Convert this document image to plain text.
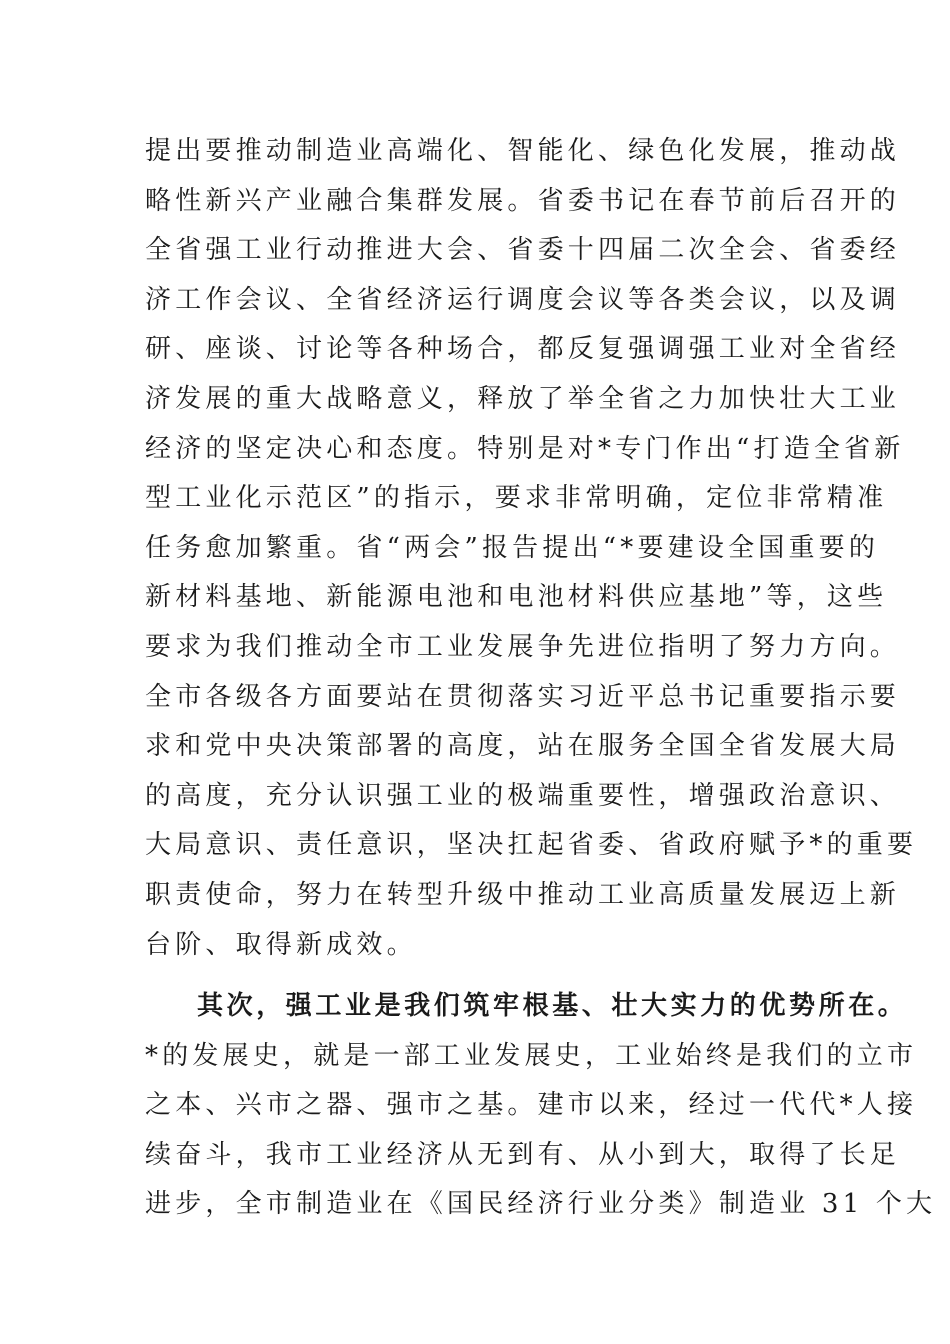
提出要推动制造业高端化、智能化、绿色化发展，推动战
略性新兴产业融合集群发展。省委书记在春节前后召开的
全省强工业行动推进大会、省委十四届二次全会、省委经
济工作会议、全省经济运行调度会议等各类会议，以及调
研、座谈、讨论等各种场合，都反复强调强工业对全省经
济发展的重大战略意义，释放了举全省之力加快壮大工业
经济的坚定决心和态度。特别是对*专门作出“打造全省新
型工业化示范区”的指示，要求非常明确，定位非常精准
任务愈加繁重。省“两会”报告提出“*要建设全国重要的
新材料基地、新能源电池和电池材料供应基地”等，这些
要求为我们推动全市工业发展争先进位指明了努力方向。
全市各级各方面要站在贯彻落实习近平总书记重要指示要
求和党中央决策部署的高度，站在服务全国全省发展大局
的高度，充分认识强工业的极端重要性，增强政治意识、
大局意识、责任意识，坚决扛起省委、省政府赋予*的重要
职责使命，努力在转型升级中推动工业高质量发展迈上新
台阶、取得新成效。
其次，强工业是我们筑牢根基、壮大实力的优势所在。
*的发展史，就是一部工业发展史，工业始终是我们的立市
之本、兴市之器、强市之基。建市以来，经过一代代*人接
续奋斗，我市工业经济从无到有、从小到大，取得了长足
进步，全市制造业在《国民经济行业分类》制造业 31 个大
